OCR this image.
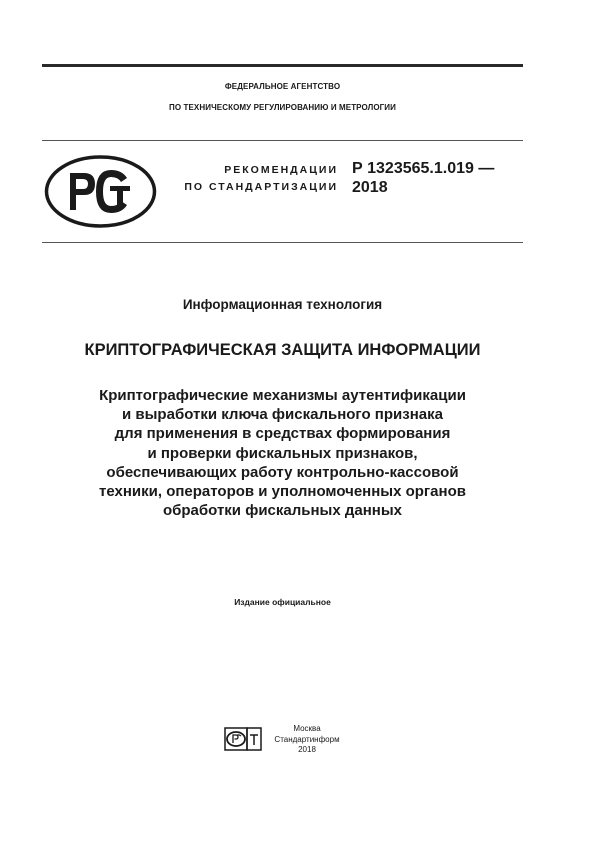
ФЕДЕРАЛЬНОЕ АГЕНТСТВО
ПО ТЕХНИЧЕСКОМУ РЕГУЛИРОВАНИЮ И МЕТРОЛОГИИ
РЕКОМЕНДАЦИИ
ПО СТАНДАРТИЗАЦИИ
Р 1323565.1.019 —
2018
Информационная технология
КРИПТОГРАФИЧЕСКАЯ ЗАЩИТА ИНФОРМАЦИИ
Криптографические механизмы аутентификации
и выработки ключа фискального признака
для применения в средствах формирования
и проверки фискальных признаков,
обеспечивающих работу контрольно-кассовой
техники, операторов и уполномоченных органов
обработки фискальных данных
Издание официальное
Москва
Стандартинформ
2018
